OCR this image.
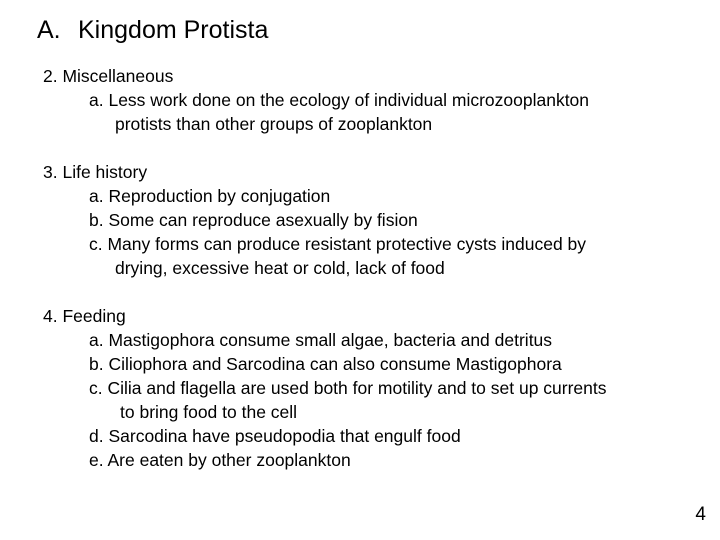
A. Kingdom Protista
2. Miscellaneous
a. Less work done on the ecology of individual microzooplankton
protists than other groups of zooplankton
3. Life history
a. Reproduction by conjugation
b. Some can reproduce asexually by fision
c. Many forms can produce resistant protective cysts induced by
drying, excessive heat or cold, lack of food
4. Feeding
a. Mastigophora consume small algae, bacteria and detritus
b. Ciliophora and Sarcodina can also consume Mastigophora
c. Cilia and flagella are used both for motility and to set up currents
to bring food to the cell
d. Sarcodina have pseudopodia that engulf food
e. Are eaten by other zooplankton
4
